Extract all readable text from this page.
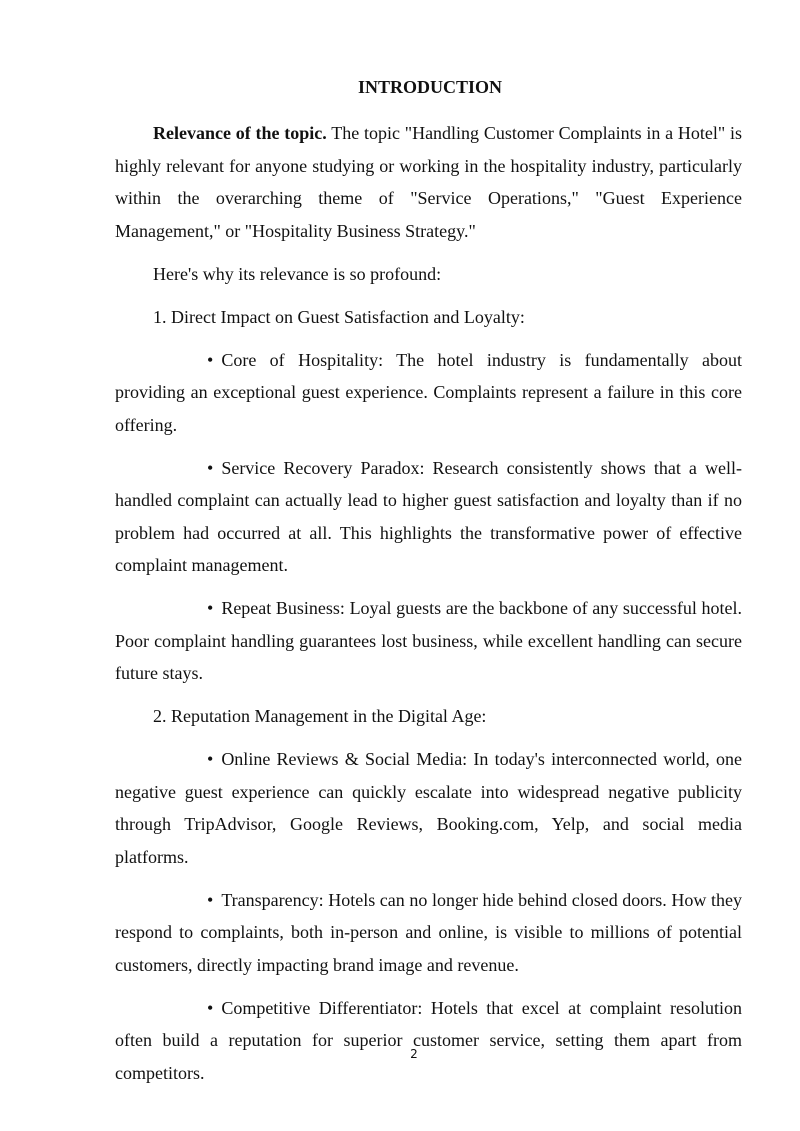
INTRODUCTION

Relevance of the topic. The topic "Handling Customer Complaints in a Hotel" is highly relevant for anyone studying or working in the hospitality industry, particularly within the overarching theme of "Service Operations," "Guest Experience Management," or "Hospitality Business Strategy."

Here's why its relevance is so profound:

1. Direct Impact on Guest Satisfaction and Loyalty:

• Core of Hospitality: The hotel industry is fundamentally about providing an exceptional guest experience. Complaints represent a failure in this core offering.

• Service Recovery Paradox: Research consistently shows that a well-handled complaint can actually lead to higher guest satisfaction and loyalty than if no problem had occurred at all. This highlights the transformative power of effective complaint management.

• Repeat Business: Loyal guests are the backbone of any successful hotel. Poor complaint handling guarantees lost business, while excellent handling can secure future stays.

2. Reputation Management in the Digital Age:

• Online Reviews & Social Media: In today's interconnected world, one negative guest experience can quickly escalate into widespread negative publicity through TripAdvisor, Google Reviews, Booking.com, Yelp, and social media platforms.

• Transparency: Hotels can no longer hide behind closed doors. How they respond to complaints, both in-person and online, is visible to millions of potential customers, directly impacting brand image and revenue.

• Competitive Differentiator: Hotels that excel at complaint resolution often build a reputation for superior customer service, setting them apart from competitors.

2
